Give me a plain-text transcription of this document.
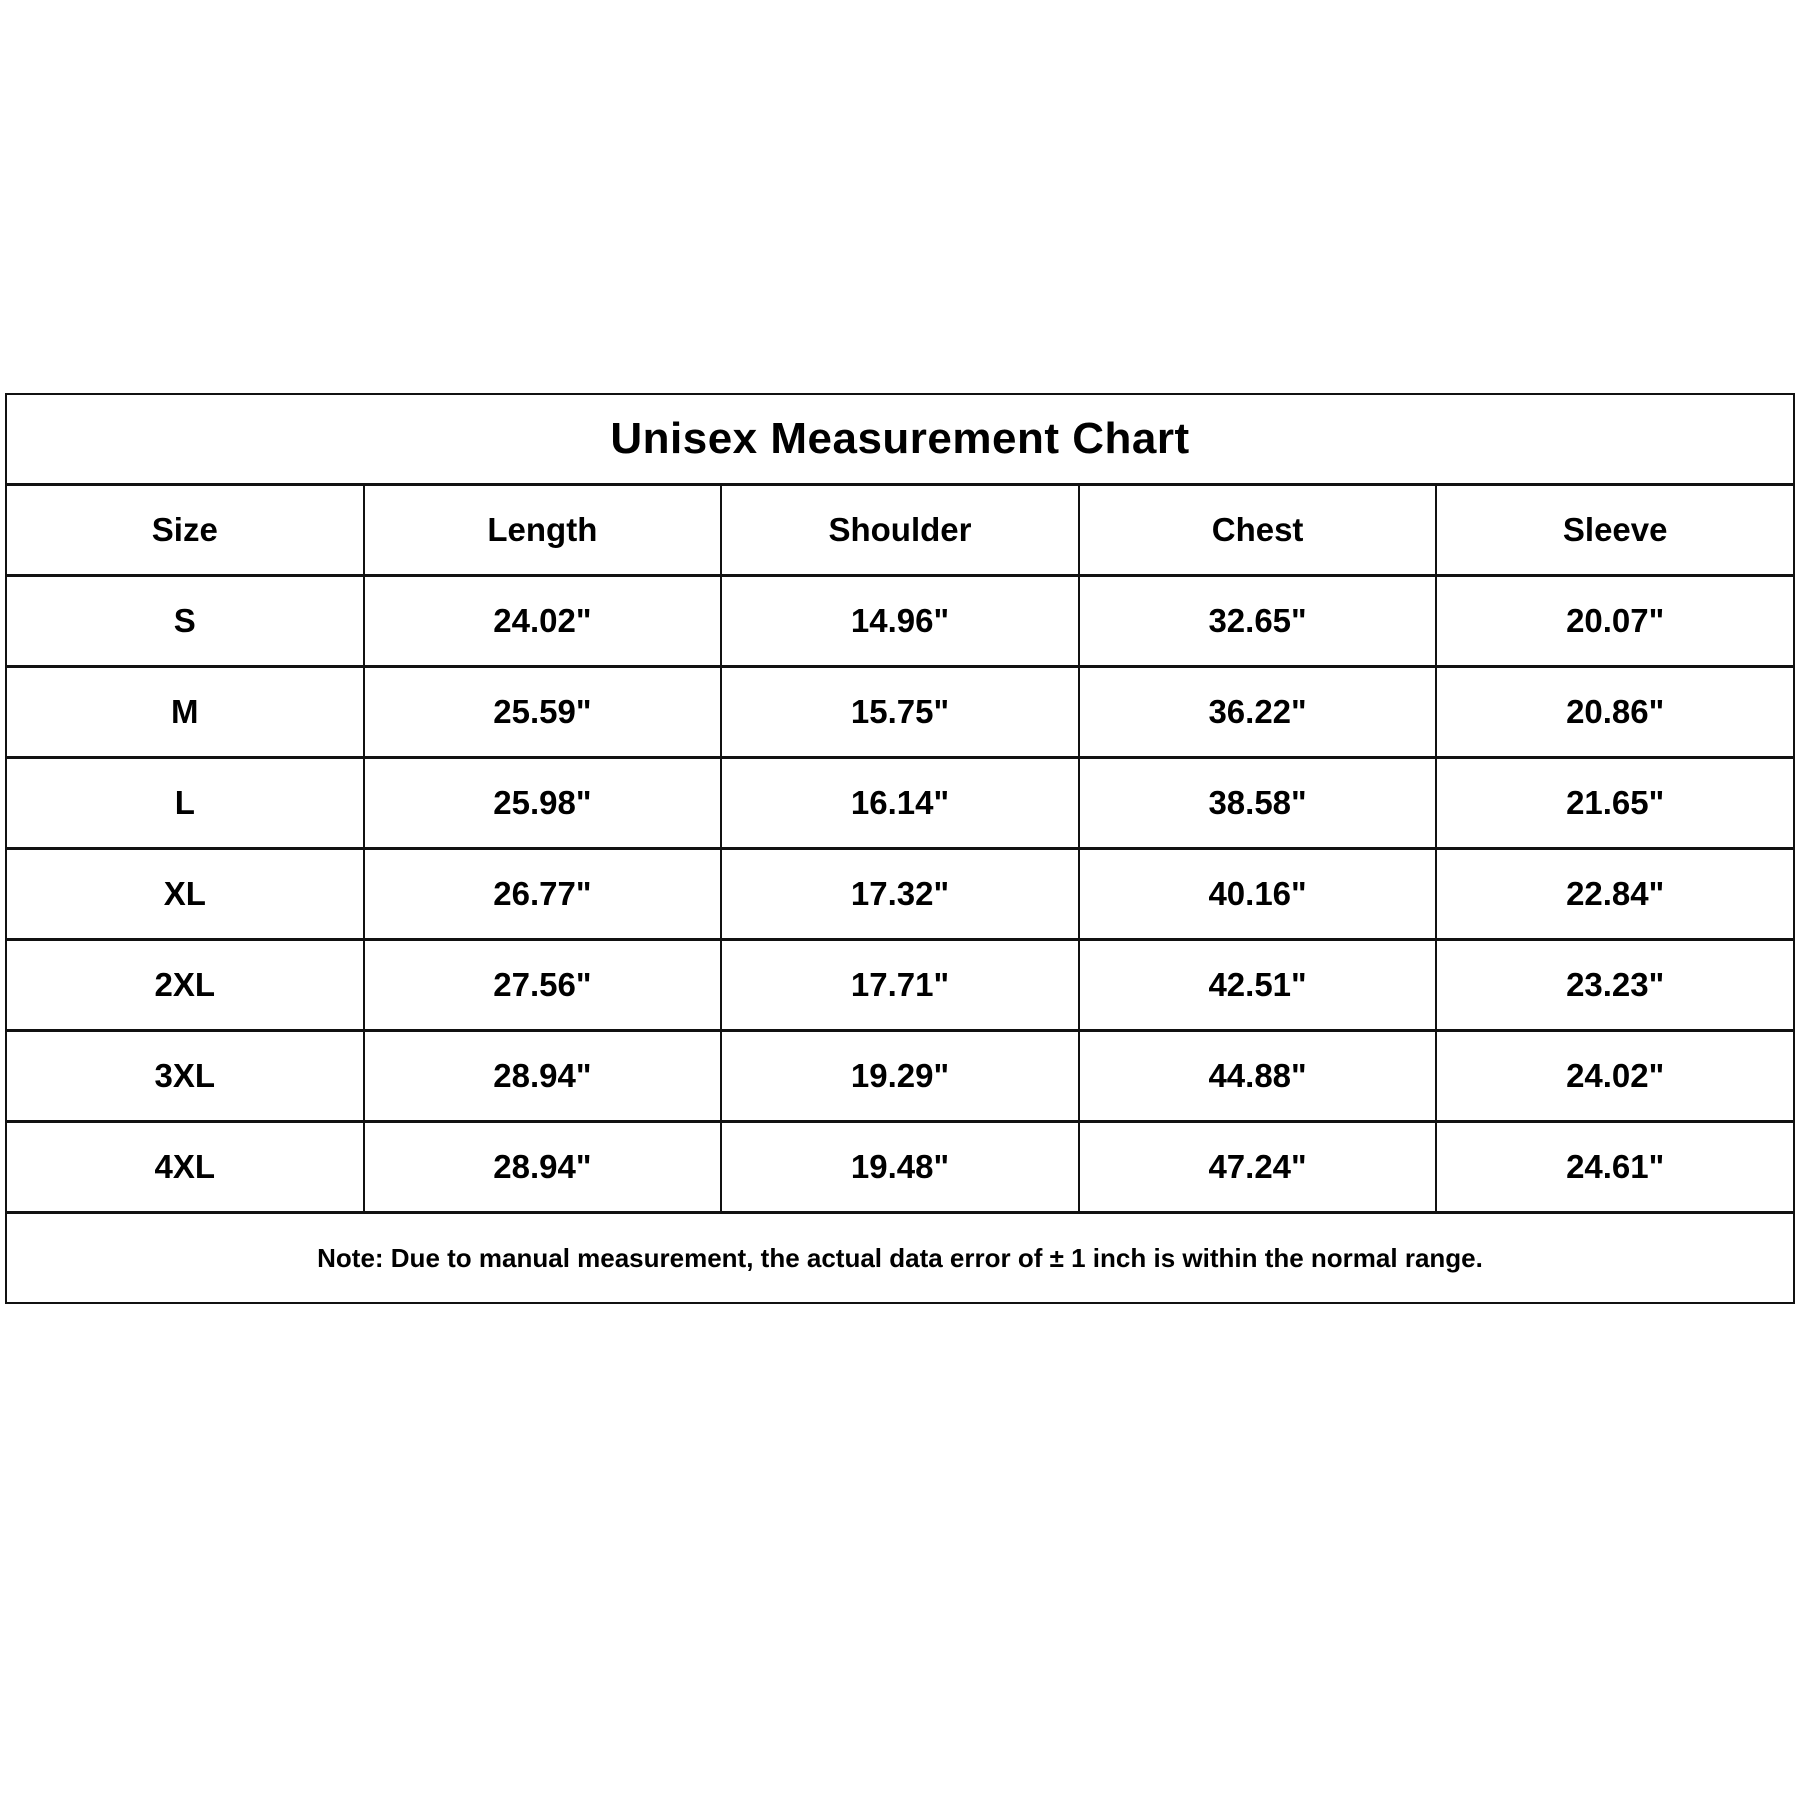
Unisex Measurement Chart				
Size	Length	Shoulder	Chest	Sleeve
S	24.02"	14.96"	32.65"	20.07"
M	25.59"	15.75"	36.22"	20.86"
L	25.98"	16.14"	38.58"	21.65"
XL	26.77"	17.32"	40.16"	22.84"
2XL	27.56"	17.71"	42.51"	23.23"
3XL	28.94"	19.29"	44.88"	24.02"
4XL	28.94"	19.48"	47.24"	24.61"
Note: Due to manual measurement, the actual data error of ± 1 inch is within the normal range.				
